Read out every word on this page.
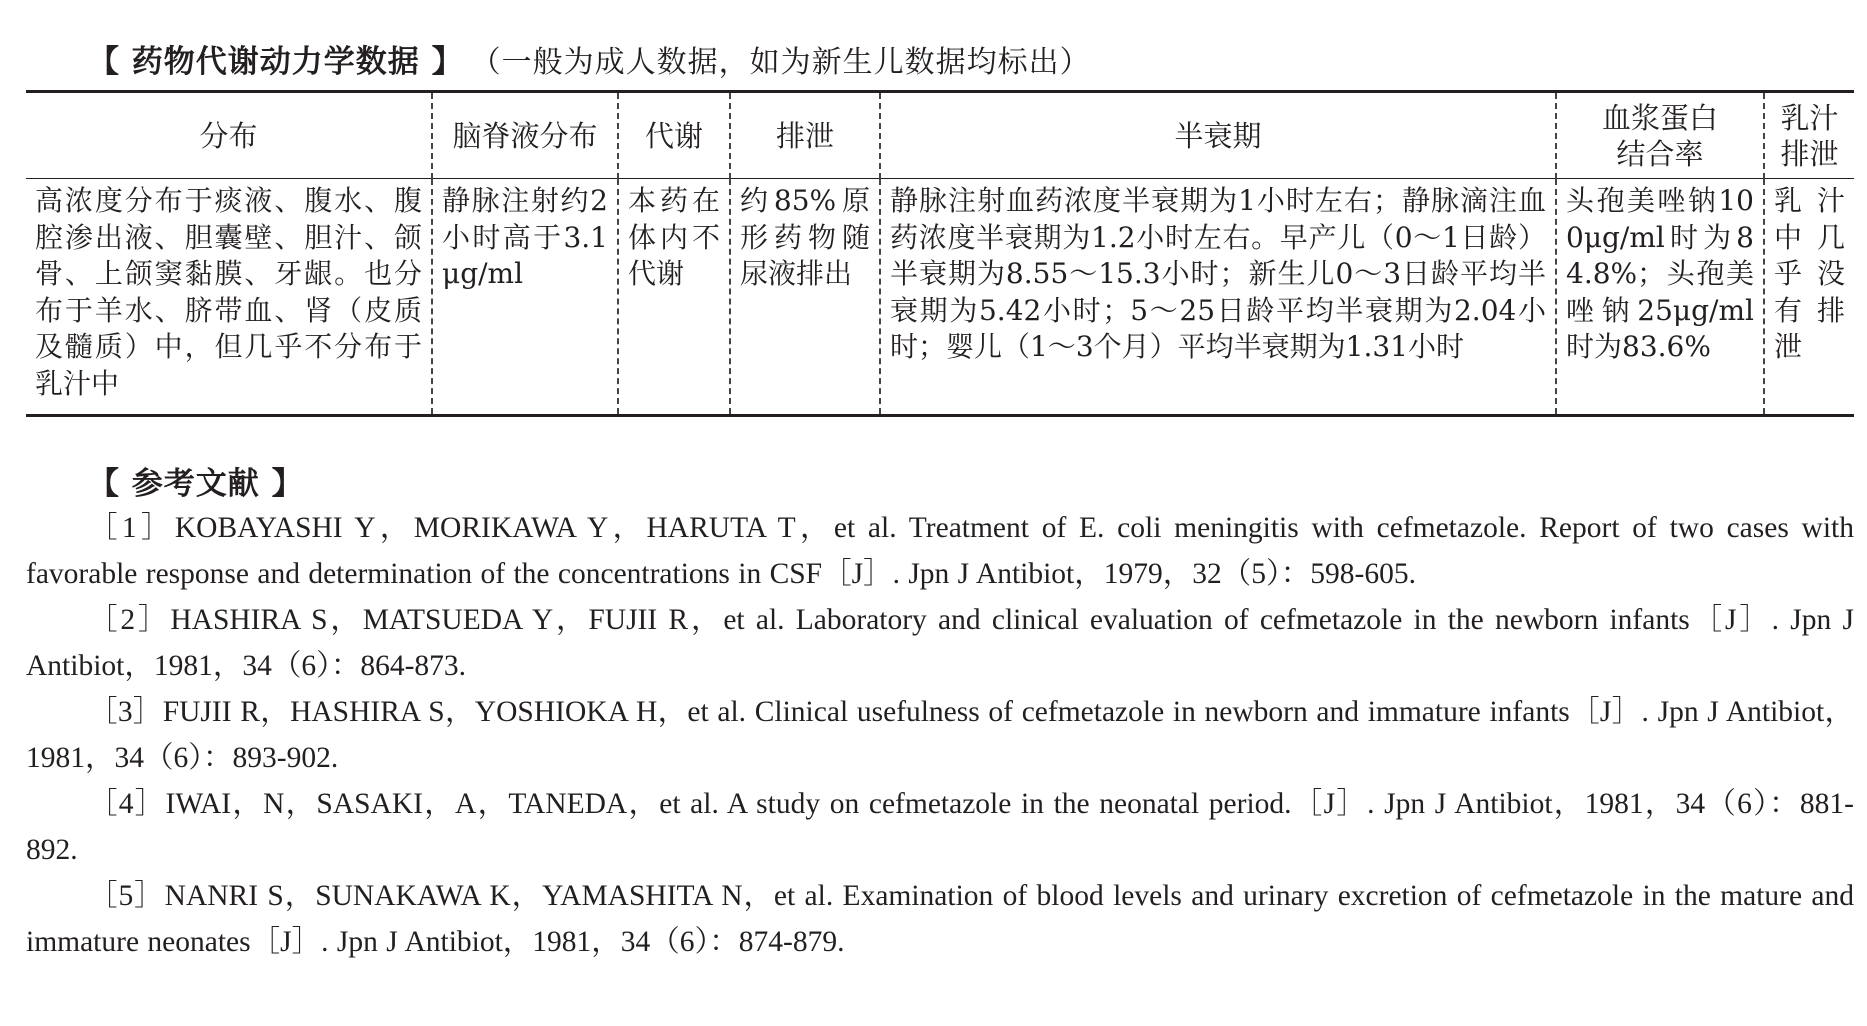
【 药物代谢动力学数据 】 （一般为成人数据，如为新生儿数据均标出）
分布	脑脊液分布	代谢	排泄	半衰期	血浆蛋白结合率	乳汁排泄
高浓度分布于痰液、腹水、腹腔渗出液、胆囊壁、胆汁、颌骨、上颌窦黏膜、牙龈。也分布于羊水、脐带血、肾（皮质及髓质）中，但几乎不分布于乳汁中	静脉注射约2小时高于3.1μg/ml	本药在体内不代谢	约85%原形药物随尿液排出	静脉注射血药浓度半衰期为1小时左右；静脉滴注血药浓度半衰期为1.2小时左右。早产儿（0～1日龄）半衰期为8.55～15.3小时；新生儿0～3日龄平均半衰期为5.42小时；5～25日龄平均半衰期为2.04小时；婴儿（1～3个月）平均半衰期为1.31小时	头孢美唑钠100μg/ml时为84.8%；头孢美唑钠25μg/ml时为83.6%	乳汁中几乎没有排泄
【 参考文献 】

［1］KOBAYASHI Y，MORIKAWA Y，HARUTA T，et al. Treatment of E. coli meningitis with cefmetazole. Report of two cases with favorable response and determination of the concentrations in CSF［J］. Jpn J Antibiot，1979，32（5）：598-605.

［2］HASHIRA S，MATSUEDA Y，FUJII R，et al. Laboratory and clinical evaluation of cefmetazole in the newborn infants［J］. Jpn J Antibiot，1981，34（6）：864-873.

［3］FUJII R，HASHIRA S，YOSHIOKA H，et al. Clinical usefulness of cefmetazole in newborn and immature infants［J］. Jpn J Antibiot，1981，34（6）：893-902.

［4］IWAI，N，SASAKI，A，TANEDA，et al. A study on cefmetazole in the neonatal period.［J］. Jpn J Antibiot，1981，34（6）：881-892.

［5］NANRI S，SUNAKAWA K，YAMASHITA N，et al. Examination of blood levels and urinary excretion of cefmetazole in the mature and immature neonates［J］. Jpn J Antibiot，1981，34（6）：874-879.
